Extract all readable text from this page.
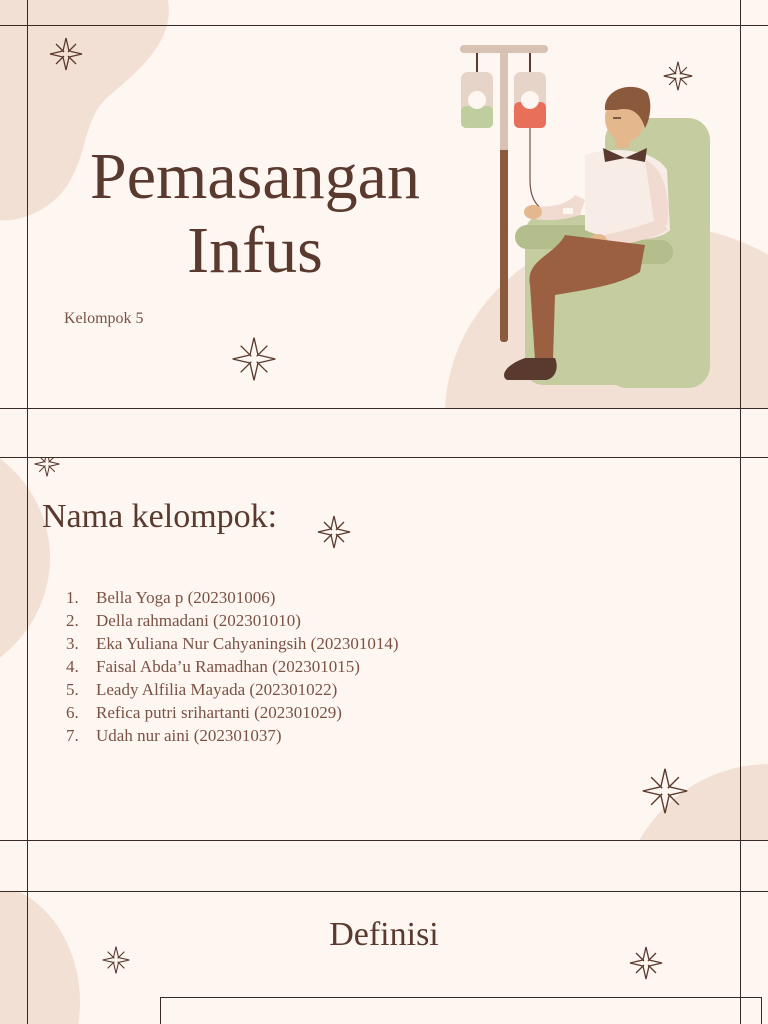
Pemasangan
Infus
Kelompok 5
Nama kelompok:
1. Bella Yoga p (202301006)
2. Della rahmadani (202301010)
3. Eka Yuliana Nur Cahyaningsih (202301014)
4. Faisal Abda’u Ramadhan (202301015)
5. Leady Alfilia Mayada (202301022)
6. Refica putri srihartanti (202301029)
7. Udah nur aini (202301037)
Definisi
